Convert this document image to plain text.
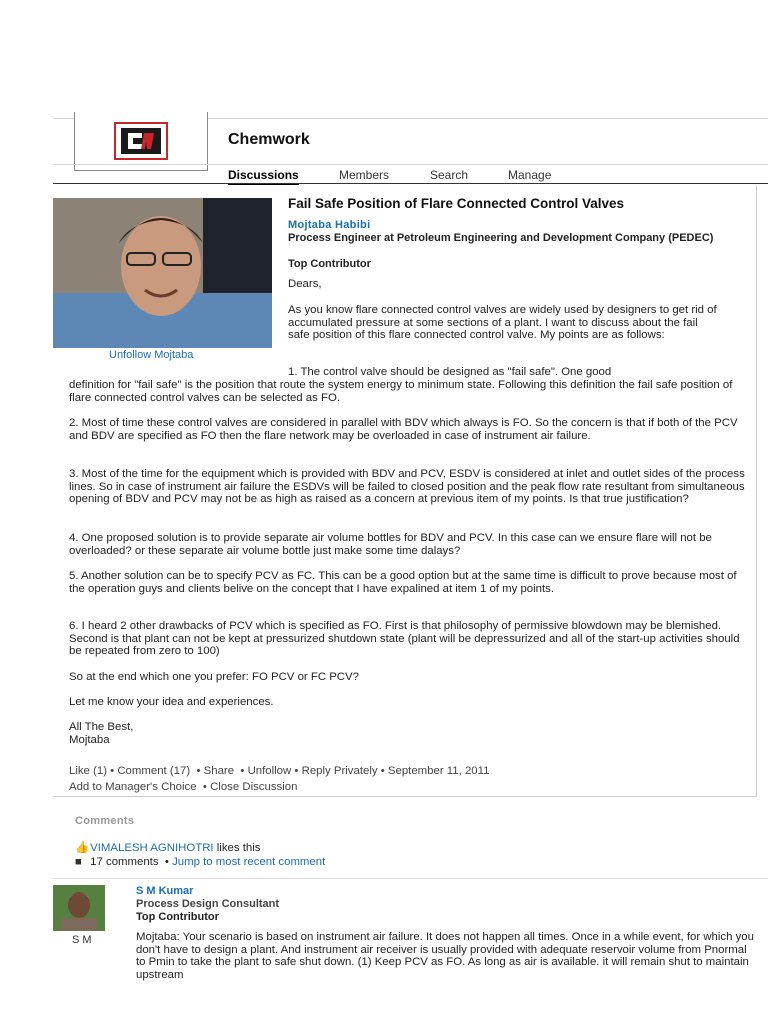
Chemwork
Discussions	Members	Search	Manage
Unfollow Mojtaba
Fail Safe Position of Flare Connected Control Valves
Mojtaba Habibi
Process Engineer at Petroleum Engineering and Development Company (PEDEC)
Top Contributor
Dears,
As you know flare connected control valves are widely used by designers to get rid of accumulated pressure at some sections of a plant. I want to discuss about the fail safe position of this flare connected control valve. My points are as follows:
1. The control valve should be designed as "fail safe". One good
definition for "fail safe" is the position that route the system energy to minimum state. Following this definition the fail safe position of flare connected control valves can be selected as FO.
2. Most of time these control valves are considered in parallel with BDV which always is FO. So the concern is that if both of the PCV and BDV are specified as FO then the flare network may be overloaded in case of instrument air failure.
3. Most of the time for the equipment which is provided with BDV and PCV, ESDV is considered at inlet and outlet sides of the process lines. So in case of instrument air failure the ESDVs will be failed to closed position and the peak flow rate resultant from simultaneous opening of BDV and PCV may not be as high as raised as a concern at previous item of my points. Is that true justification?
4. One proposed solution is to provide separate air volume bottles for BDV and PCV. In this case can we ensure flare will not be overloaded? or these separate air volume bottle just make some time dalays?
5. Another solution can be to specify PCV as FC. This can be a good option but at the same time is difficult to prove because most of the operation guys and clients belive on the concept that I have expalined at item 1 of my points.
6. I heard 2 other drawbacks of PCV which is specified as FO. First is that philosophy of permissive blowdown may be blemished. Second is that plant can not be kept at pressurized shutdown state (plant will be depressurized and all of the start-up activities should be repeated from zero to 100)
So at the end which one you prefer: FO PCV or FC PCV?
Let me know your idea and experiences.
All The Best,
Mojtaba
Like (1) • Comment (17) • Share • Unfollow • Reply Privately • September 11, 2011
Add to Manager's Choice • Close Discussion
Comments
👍 VIMALESH AGNIHOTRI likes this
■ 17 comments • Jump to most recent comment
S M
S M Kumar
Process Design Consultant
Top Contributor
Mojtaba: Your scenario is based on instrument air failure. It does not happen all times. Once in a while event, for which you don't have to design a plant. And instrument air receiver is usually provided with adequate reservoir volume from Pnormal to Pmin to take the plant to safe shut down. (1) Keep PCV as FO. As long as air is available. it will remain shut to maintain upstream
